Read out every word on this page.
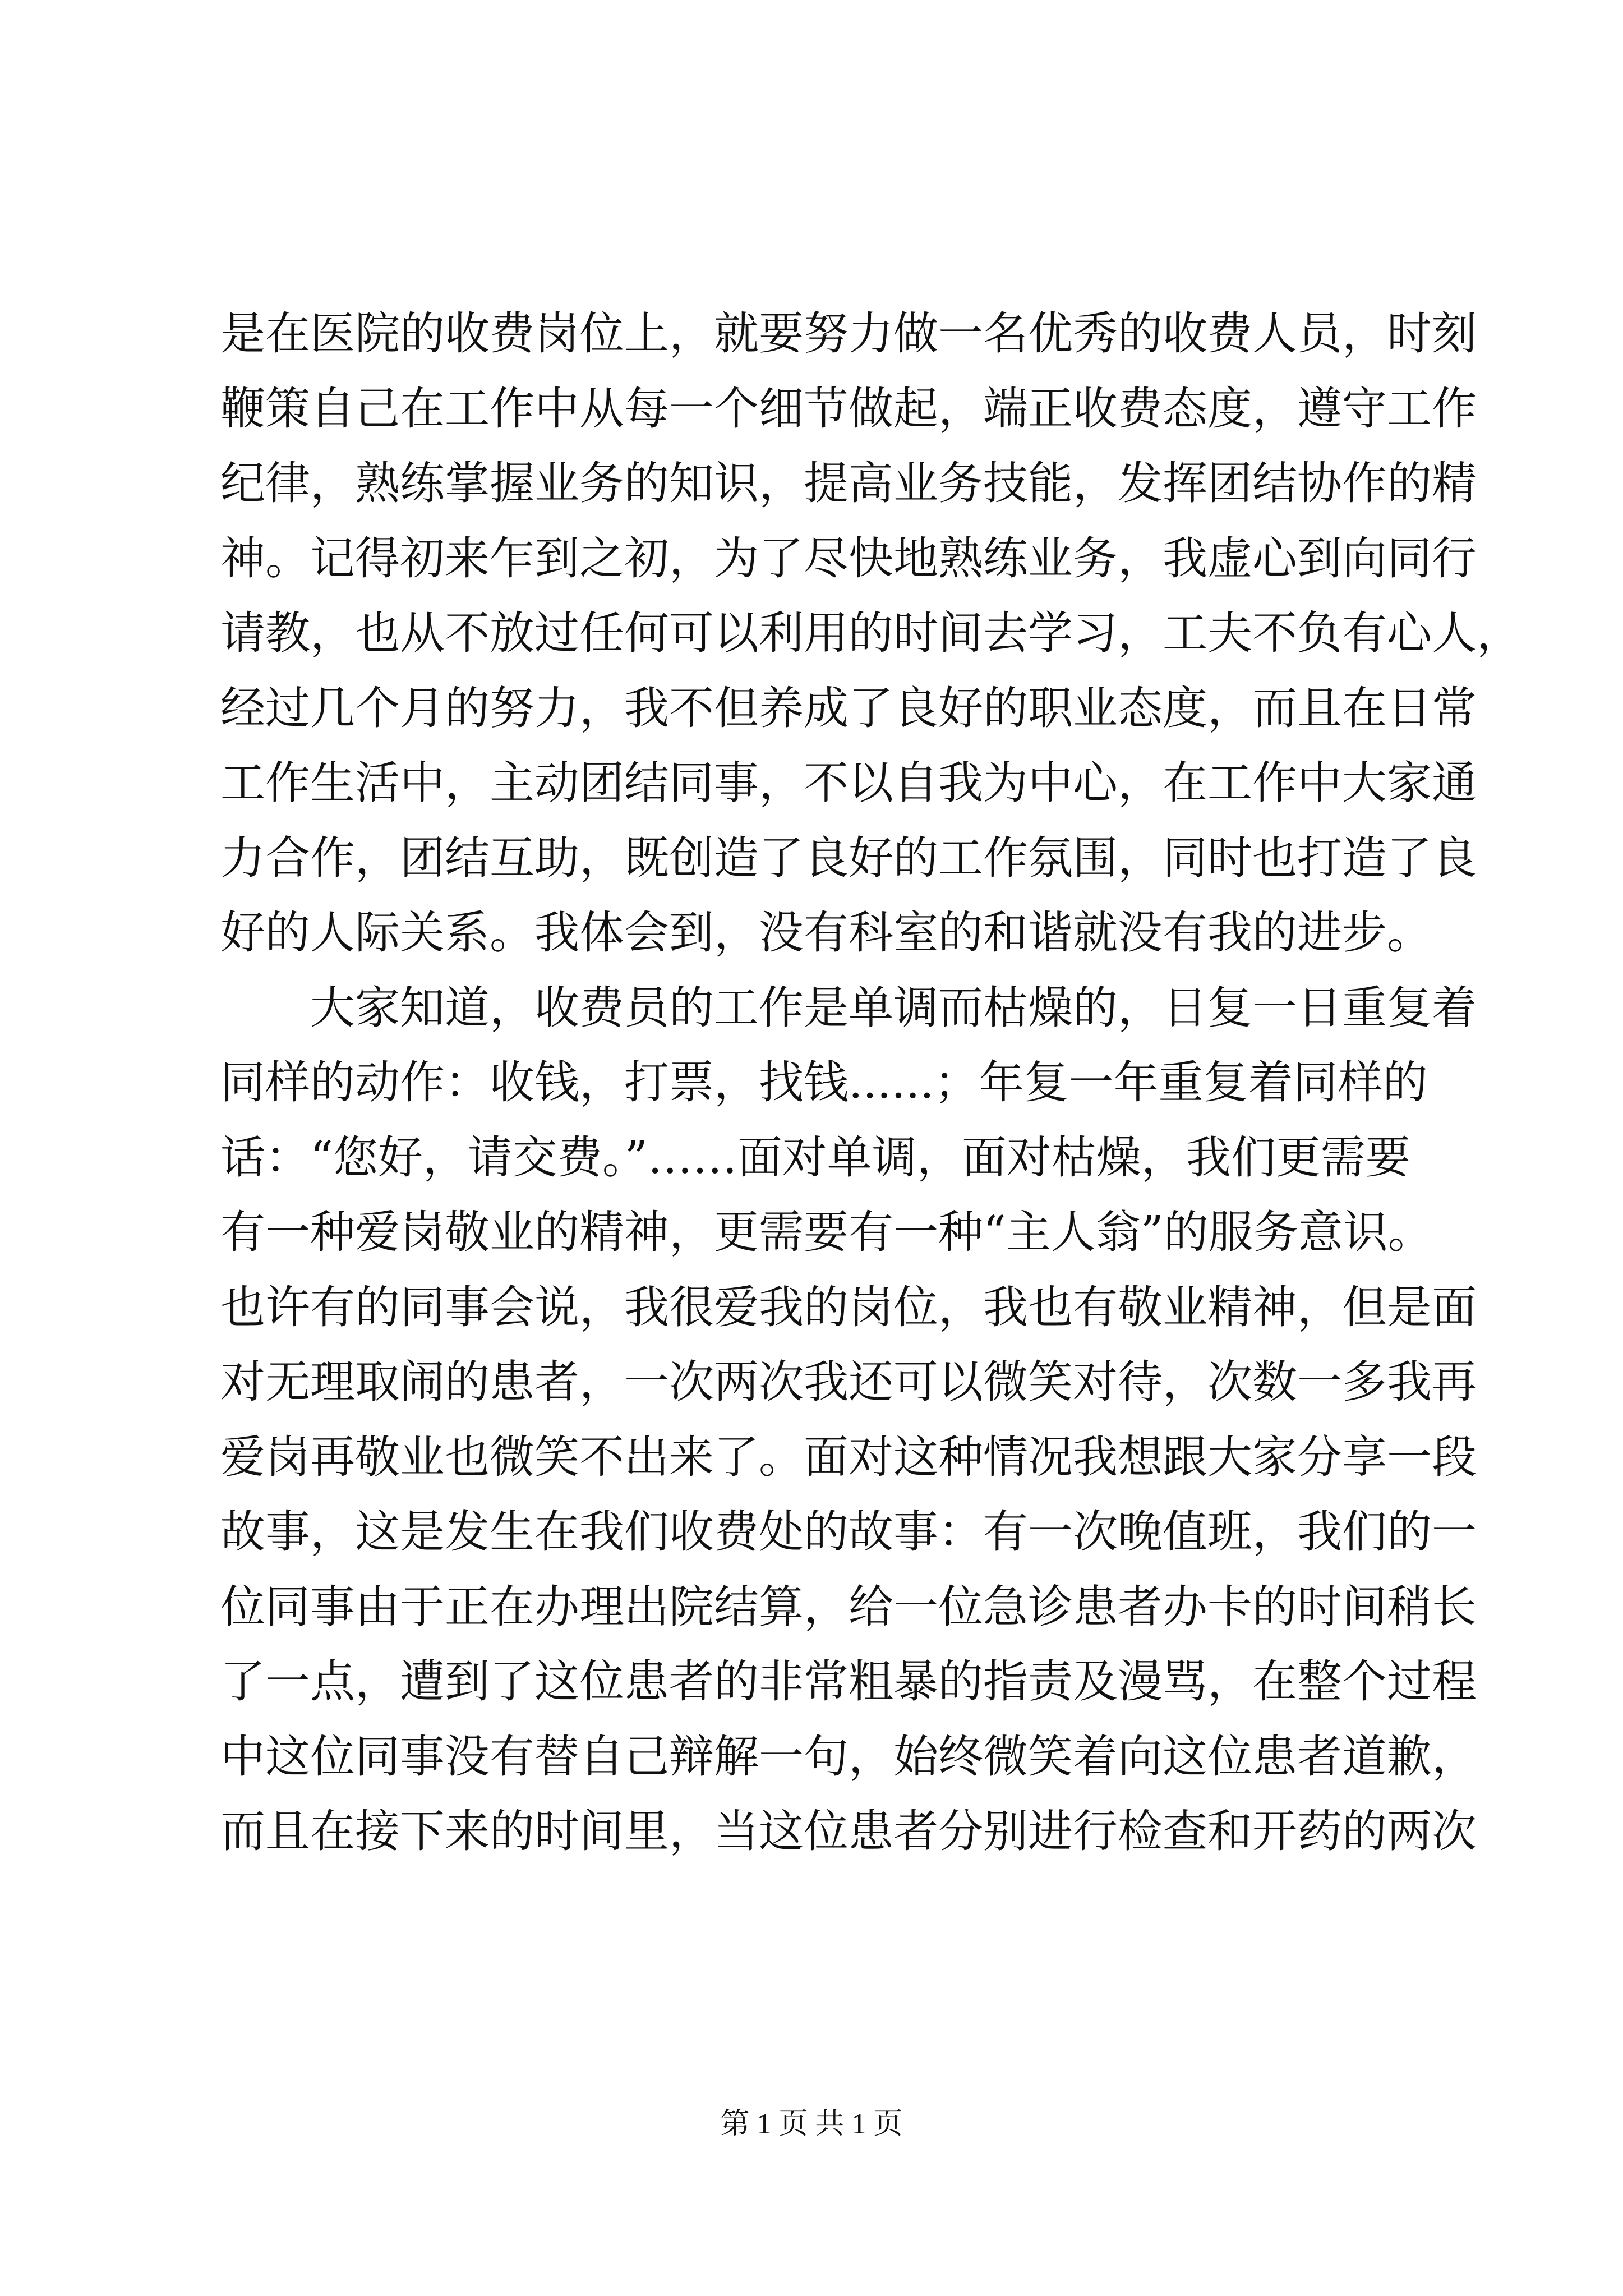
是在医院的收费岗位上，就要努力做一名优秀的收费人员，时刻
鞭策自己在工作中从每一个细节做起，端正收费态度，遵守工作
纪律，熟练掌握业务的知识，提高业务技能，发挥团结协作的精
神。记得初来乍到之初，为了尽快地熟练业务，我虚心到向同行
请教，也从不放过任何可以利用的时间去学习，工夫不负有心人，
经过几个月的努力，我不但养成了良好的职业态度，而且在日常
工作生活中，主动团结同事，不以自我为中心，在工作中大家通
力合作，团结互助，既创造了良好的工作氛围，同时也打造了良
好的人际关系。我体会到，没有科室的和谐就没有我的进步。
　　大家知道，收费员的工作是单调而枯燥的，日复一日重复着
同样的动作：收钱，打票，找钱......；年复一年重复着同样的
话：“您好，请交费。”……面对单调，面对枯燥，我们更需要
有一种爱岗敬业的精神，更需要有一种“主人翁”的服务意识。
也许有的同事会说，我很爱我的岗位，我也有敬业精神，但是面
对无理取闹的患者，一次两次我还可以微笑对待，次数一多我再
爱岗再敬业也微笑不出来了。面对这种情况我想跟大家分享一段
故事，这是发生在我们收费处的故事：有一次晚值班，我们的一
位同事由于正在办理出院结算，给一位急诊患者办卡的时间稍长
了一点，遭到了这位患者的非常粗暴的指责及漫骂，在整个过程
中这位同事没有替自己辩解一句，始终微笑着向这位患者道歉，
而且在接下来的时间里，当这位患者分别进行检查和开药的两次
第 1 页 共 1 页
